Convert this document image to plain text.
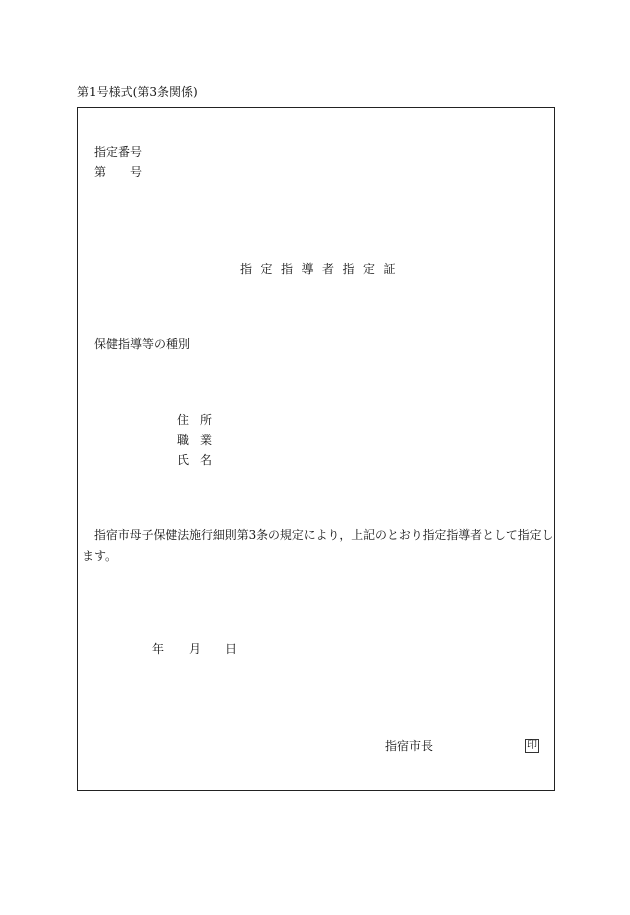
第1号様式(第3条関係)
指定番号
第 号
指 定 指 導 者 指 定 証
保健指導等の種別
住 所
職 業
氏 名
指宿市母子保健法施行細則第3条の規定により，上記のとおり指定指導者として指定し
ます。
年 月 日
指宿市長	印
